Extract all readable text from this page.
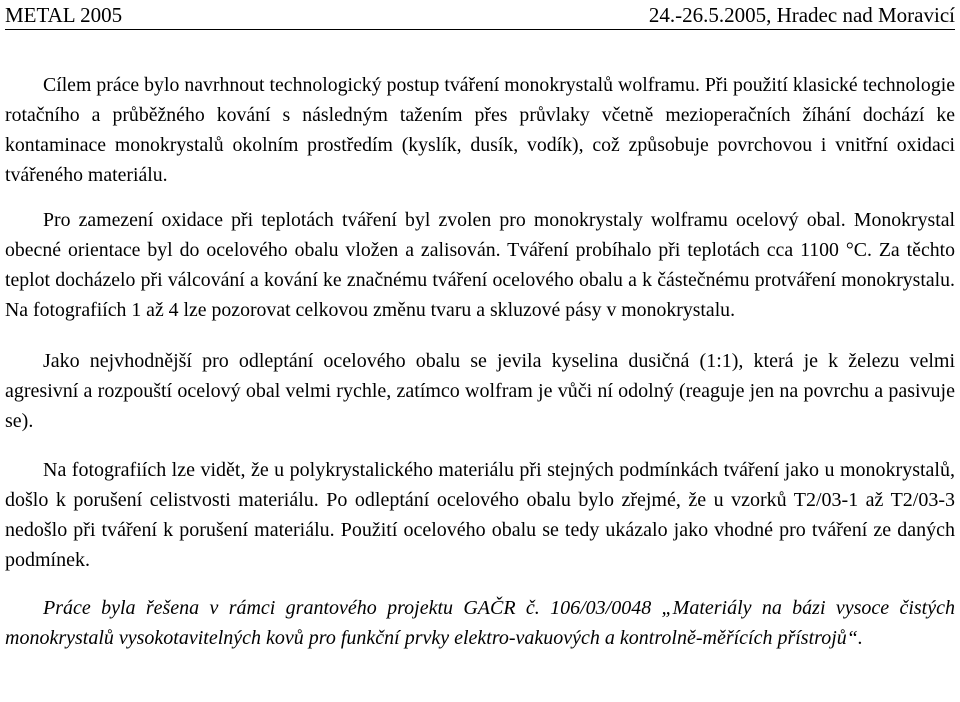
METAL 2005	24.-26.5.2005, Hradec nad Moravicí

Cílem práce bylo navrhnout technologický postup tváření monokrystalů wolframu. Při použití klasické technologie rotačního a průběžného kování s následným tažením přes průvlaky včetně mezioperačních žíhání dochází ke kontaminace monokrystalů okolním prostředím (kyslík, dusík, vodík), což způsobuje povrchovou i vnitřní oxidaci tvářeného materiálu.

Pro zamezení oxidace při teplotách tváření byl zvolen pro monokrystaly wolframu ocelový obal. Monokrystal obecné orientace byl do ocelového obalu vložen a zalisován. Tváření probíhalo při teplotách cca 1100 °C. Za těchto teplot docházelo při válcování a kování ke značnému tváření ocelového obalu a k částečnému protváření monokrystalu. Na fotografiích 1 až 4 lze pozorovat celkovou změnu tvaru a skluzové pásy v monokrystalu.

Jako nejvhodnější pro odleptání ocelového obalu se jevila kyselina dusičná (1:1), která je k železu velmi agresivní a rozpouští ocelový obal velmi rychle, zatímco wolfram je vůči ní odolný (reaguje jen na povrchu a pasivuje se).

Na fotografiích lze vidět, že u polykrystalického materiálu při stejných podmínkách tváření jako u monokrystalů, došlo k porušení celistvosti materiálu. Po odleptání ocelového obalu bylo zřejmé, že u vzorků T2/03-1 až T2/03-3 nedošlo při tváření k porušení materiálu. Použití ocelového obalu se tedy ukázalo jako vhodné pro tváření ze daných podmínek.

Práce byla řešena v rámci grantového projektu GAČR č. 106/03/0048 „Materiály na bázi vysoce čistých monokrystalů vysokotavitelných kovů pro funkční prvky elektro-vakuových a kontrolně-měřících přístrojů“.
